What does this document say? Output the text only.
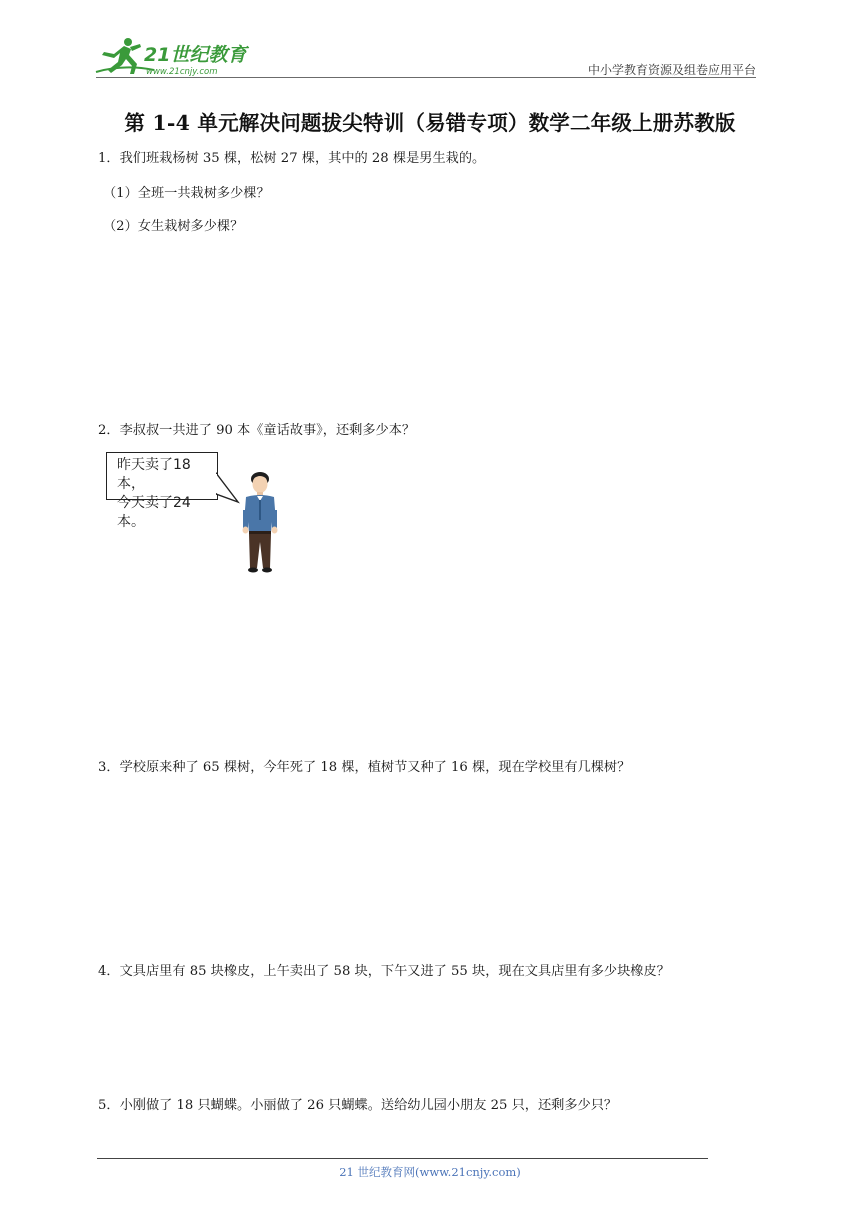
21世纪教育
www.21cnjy.com	中小学教育资源及组卷应用平台
第 1-4 单元解决问题拔尖特训（易错专项）数学二年级上册苏教版
1．我们班栽杨树 35 棵，松树 27 棵，其中的 28 棵是男生栽的。
（1）全班一共栽树多少棵？
（2）女生栽树多少棵？
2．李叔叔一共进了 90 本《童话故事》，还剩多少本？
昨天卖了18本，
今天卖了24本。
3．学校原来种了 65 棵树，今年死了 18 棵，植树节又种了 16 棵，现在学校里有几棵树？
4．文具店里有 85 块橡皮，上午卖出了 58 块，下午又进了 55 块，现在文具店里有多少块橡皮？
5．小刚做了 18 只蝴蝶。小丽做了 26 只蝴蝶。送给幼儿园小朋友 25 只，还剩多少只？
21 世纪教育网(www.21cnjy.com)
